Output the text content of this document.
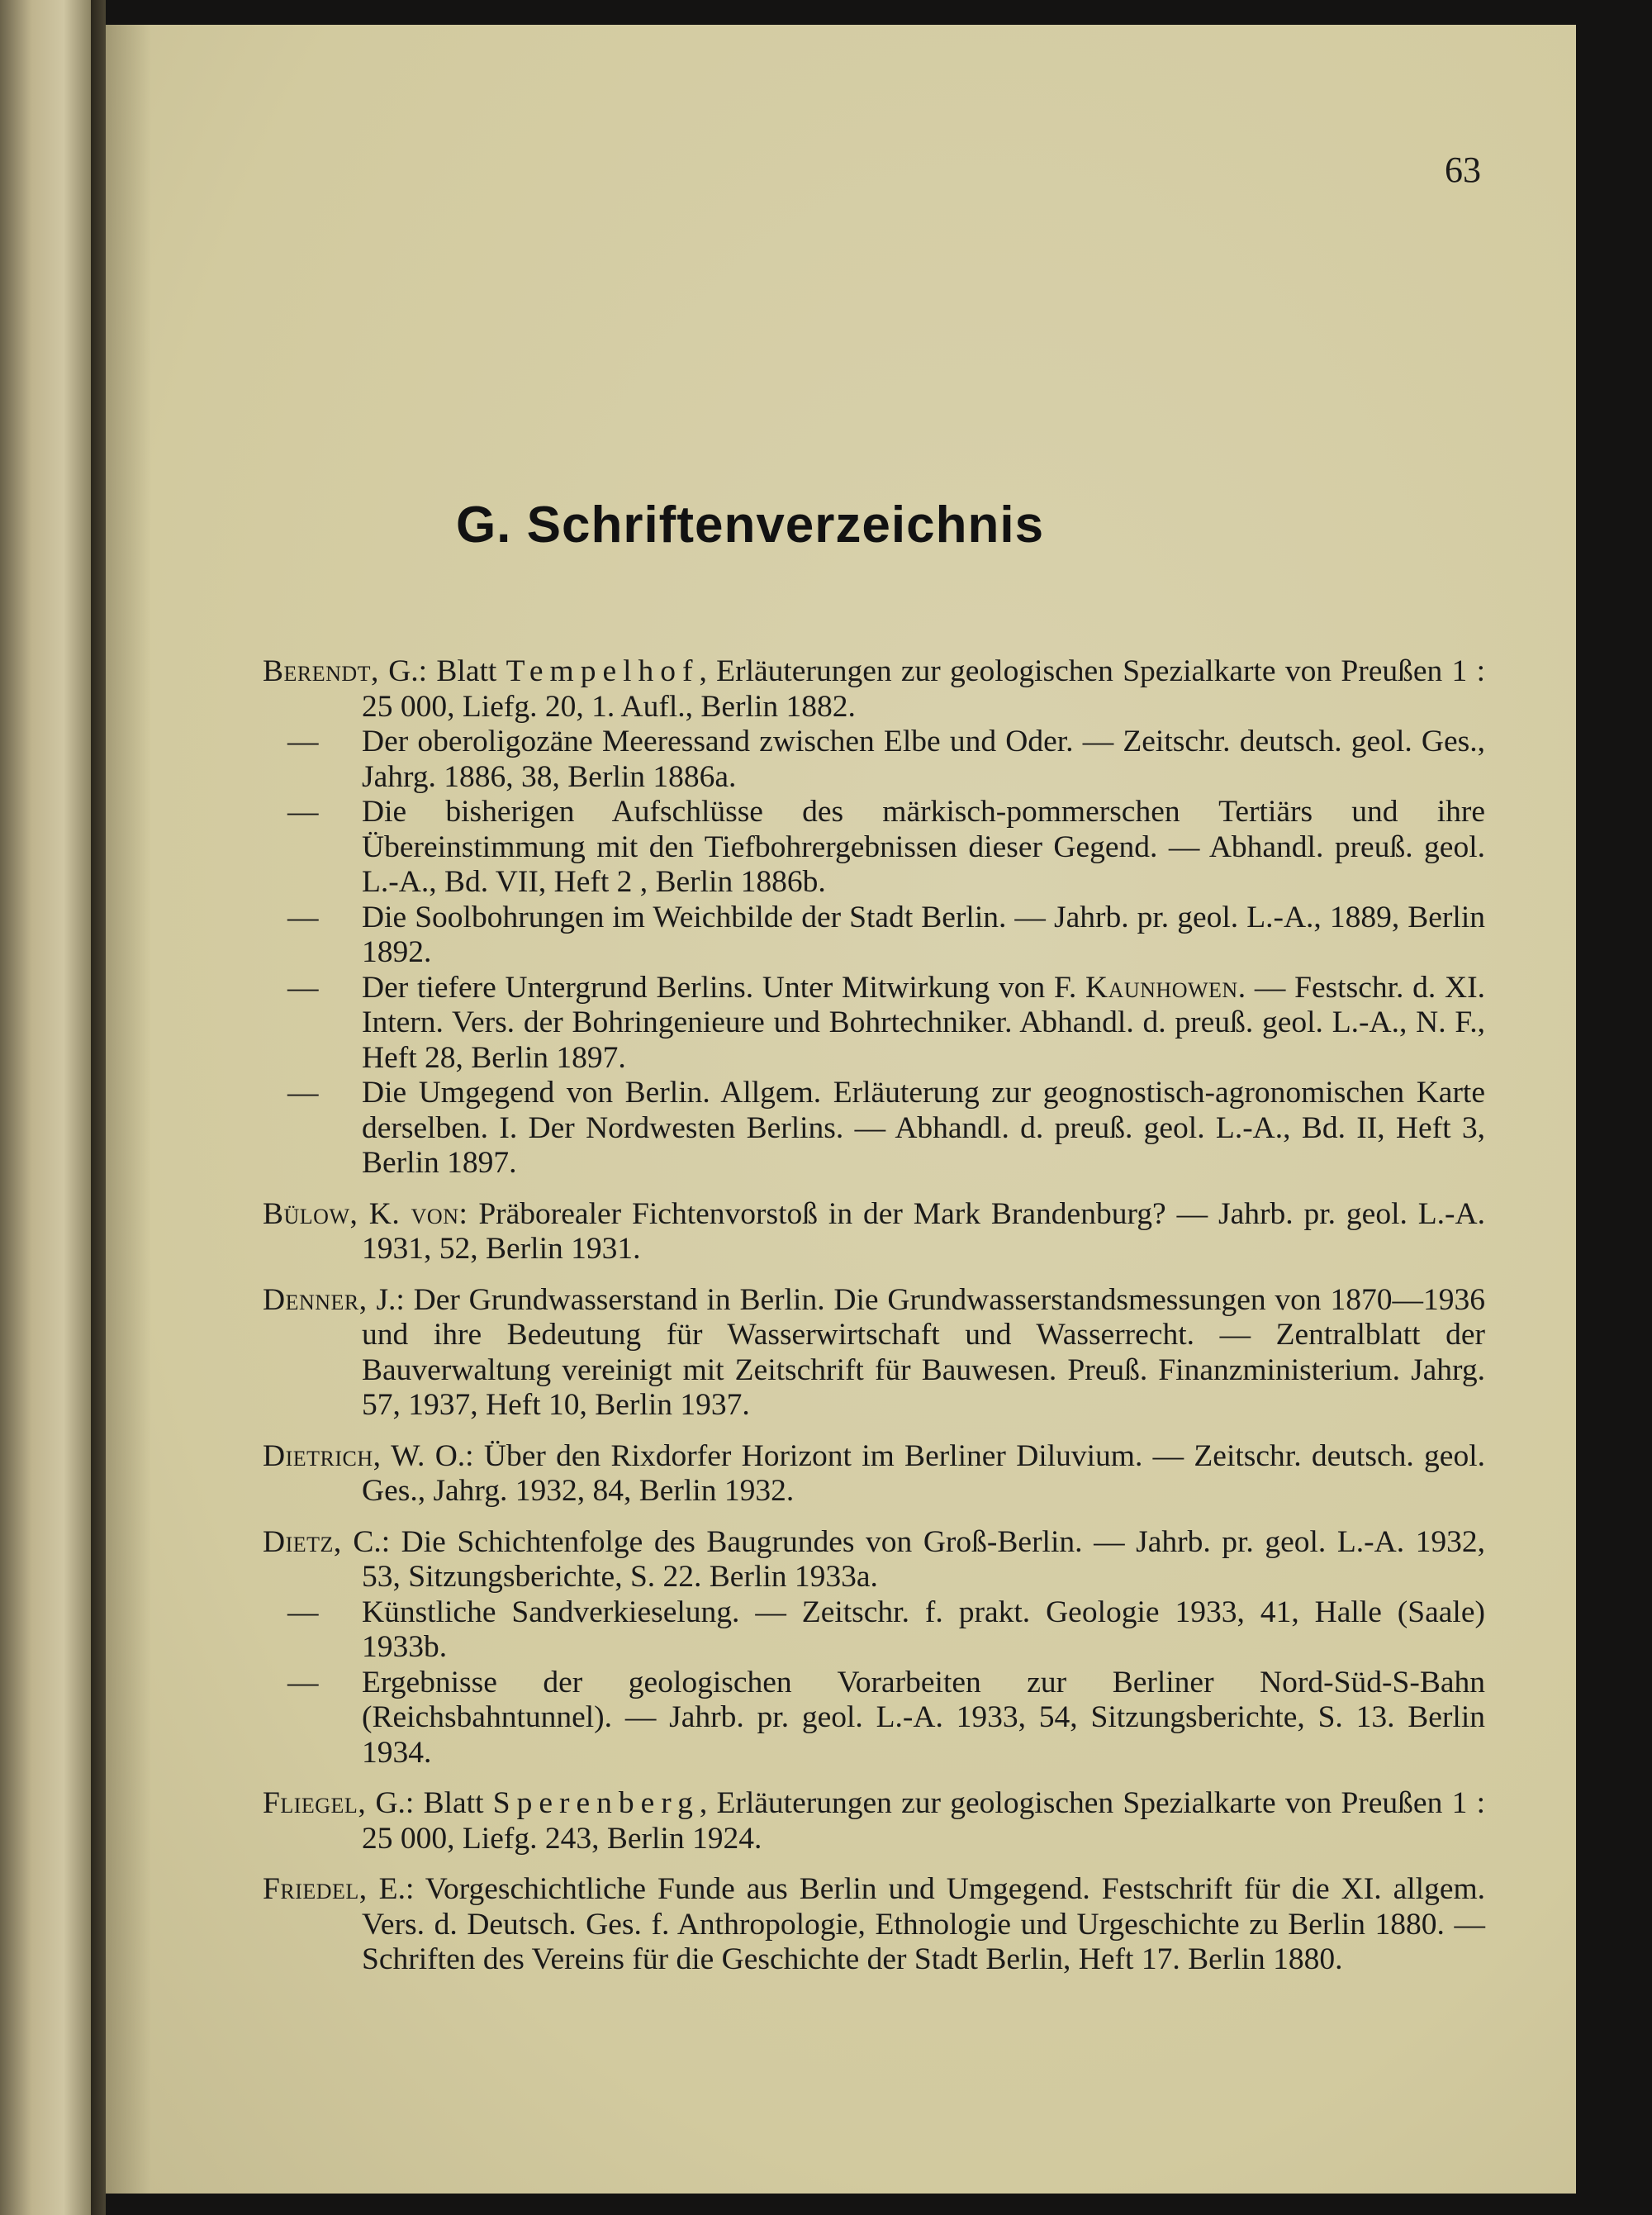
63
G. Schriftenverzeichnis
Berendt, G.: Blatt Tempelhof, Erläuterungen zur geologischen Spezialkarte von Preußen 1 : 25 000, Liefg. 20, 1. Aufl., Berlin 1882.
— Der oberoligozäne Meeressand zwischen Elbe und Oder. — Zeitschr. deutsch. geol. Ges., Jahrg. 1886, 38, Berlin 1886a.
— Die bisherigen Aufschlüsse des märkisch-pommerschen Tertiärs und ihre Übereinstimmung mit den Tiefbohrergebnissen dieser Gegend. — Abhandl. preuß. geol. L.-A., Bd. VII, Heft 2 , Berlin 1886b.
— Die Soolbohrungen im Weichbilde der Stadt Berlin. — Jahrb. pr. geol. L.-A., 1889, Berlin 1892.
— Der tiefere Untergrund Berlins. Unter Mitwirkung von F. Kaunhowen. — Festschr. d. XI. Intern. Vers. der Bohringenieure und Bohrtechniker. Abhandl. d. preuß. geol. L.-A., N. F., Heft 28, Berlin 1897.
— Die Umgegend von Berlin. Allgem. Erläuterung zur geognostisch-agronomischen Karte derselben. I. Der Nordwesten Berlins. — Abhandl. d. preuß. geol. L.-A., Bd. II, Heft 3, Berlin 1897.
Bülow, K. von: Präborealer Fichtenvorstoß in der Mark Brandenburg? — Jahrb. pr. geol. L.-A. 1931, 52, Berlin 1931.
Denner, J.: Der Grundwasserstand in Berlin. Die Grundwasserstandsmessungen von 1870—1936 und ihre Bedeutung für Wasserwirtschaft und Wasserrecht. — Zentralblatt der Bauverwaltung vereinigt mit Zeitschrift für Bauwesen. Preuß. Finanzministerium. Jahrg. 57, 1937, Heft 10, Berlin 1937.
Dietrich, W. O.: Über den Rixdorfer Horizont im Berliner Diluvium. — Zeitschr. deutsch. geol. Ges., Jahrg. 1932, 84, Berlin 1932.
Dietz, C.: Die Schichtenfolge des Baugrundes von Groß-Berlin. — Jahrb. pr. geol. L.-A. 1932, 53, Sitzungsberichte, S. 22. Berlin 1933a.
— Künstliche Sandverkieselung. — Zeitschr. f. prakt. Geologie 1933, 41, Halle (Saale) 1933b.
— Ergebnisse der geologischen Vorarbeiten zur Berliner Nord-Süd-S-Bahn (Reichsbahntunnel). — Jahrb. pr. geol. L.-A. 1933, 54, Sitzungsberichte, S. 13. Berlin 1934.
Fliegel, G.: Blatt Sperenberg, Erläuterungen zur geologischen Spezialkarte von Preußen 1 : 25 000, Liefg. 243, Berlin 1924.
Friedel, E.: Vorgeschichtliche Funde aus Berlin und Umgegend. Festschrift für die XI. allgem. Vers. d. Deutsch. Ges. f. Anthropologie, Ethnologie und Urgeschichte zu Berlin 1880. — Schriften des Vereins für die Geschichte der Stadt Berlin, Heft 17. Berlin 1880.
